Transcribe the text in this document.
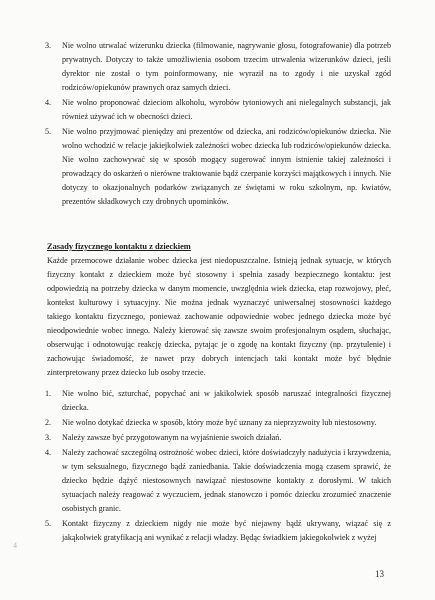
3. Nie wolno utrwalać wizerunku dziecka (filmowanie, nagrywanie głosu, fotografowanie) dla potrzeb prywatnych. Dotyczy to także umożliwienia osobom trzecim utrwalenia wizerunków dzieci, jeśli dyrektor nie został o tym poinformowany, nie wyraził na to zgody i nie uzyskał zgód rodziców/opiekunów prawnych oraz samych dzieci.
4. Nie wolno proponować dzieciom alkoholu, wyrobów tytoniowych ani nielegalnych substancji, jak również używać ich w obecności dzieci.
5. Nie wolno przyjmować pieniędzy ani prezentów od dziecka, ani rodziców/opiekunów dziecka. Nie wolno wchodzić w relacje jakiejkolwiek zależności wobec dziecka lub rodziców/opiekunów dziecka. Nie wolno zachowywać się w sposób mogący sugerować innym istnienie takiej zależności i prowadzący do oskarżeń o nierówne traktowanie bądź czerpanie korzyści majątkowych i innych. Nie dotyczy to okazjonalnych podarków związanych ze świętami w roku szkolnym, np. kwiatów, prezentów składkowych czy drobnych upominków.
Zasady fizycznego kontaktu z dzieckiem

Każde przemocowe działanie wobec dziecka jest niedopuszczalne. Istnieją jednak sytuacje, w których fizyczny kontakt z dzieckiem może być stosowny i spełnia zasady bezpiecznego kontaktu: jest odpowiedzią na potrzeby dziecka w danym momencie, uwzględnia wiek dziecka, etap rozwojowy, płeć, kontekst kulturowy i sytuacyjny. Nie można jednak wyznaczyć uniwersalnej stosowności każdego takiego kontaktu fizycznego, ponieważ zachowanie odpowiednie wobec jednego dziecka może być nieodpowiednie wobec innego. Należy kierować się zawsze swoim profesjonalnym osądem, słuchając, obserwując i odnotowując reakcję dziecka, pytając je o zgodę na kontakt fizyczny (np. przytulenie) i zachowując świadomość, że nawet przy dobrych intencjach taki kontakt może być błędnie zinterpretowany przez dziecko lub osoby trzecie.

1. Nie wolno bić, szturchać, popychać ani w jakikolwiek sposób naruszać integralności fizycznej dziecka.
2. Nie wolno dotykać dziecka w sposób, który może być uznany za nieprzyzwoity lub niestosowny.
3. Należy zawsze być przygotowanym na wyjaśnienie swoich działań.
4. Należy zachować szczególną ostrożność wobec dzieci, które doświadczyły nadużycia i krzywdzenia, w tym seksualnego, fizycznego bądź zaniedbania. Takie doświadczenia mogą czasem sprawić, że dziecko będzie dążyć niestosownych nawiązać niestosowne kontakty z dorosłymi. W takich sytuacjach należy reagować z wyczuciem, jednak stanowczo i pomóc dziecku zrozumieć znaczenie osobistych granic.
5. Kontakt fizyczny z dzieckiem nigdy nie może być niejawny bądź ukrywany, wiązać się z jakąkolwiek gratyfikacją ani wynikać z relacji władzy. Będąc świadkiem jakiegokolwiek z wyżej
4
13
